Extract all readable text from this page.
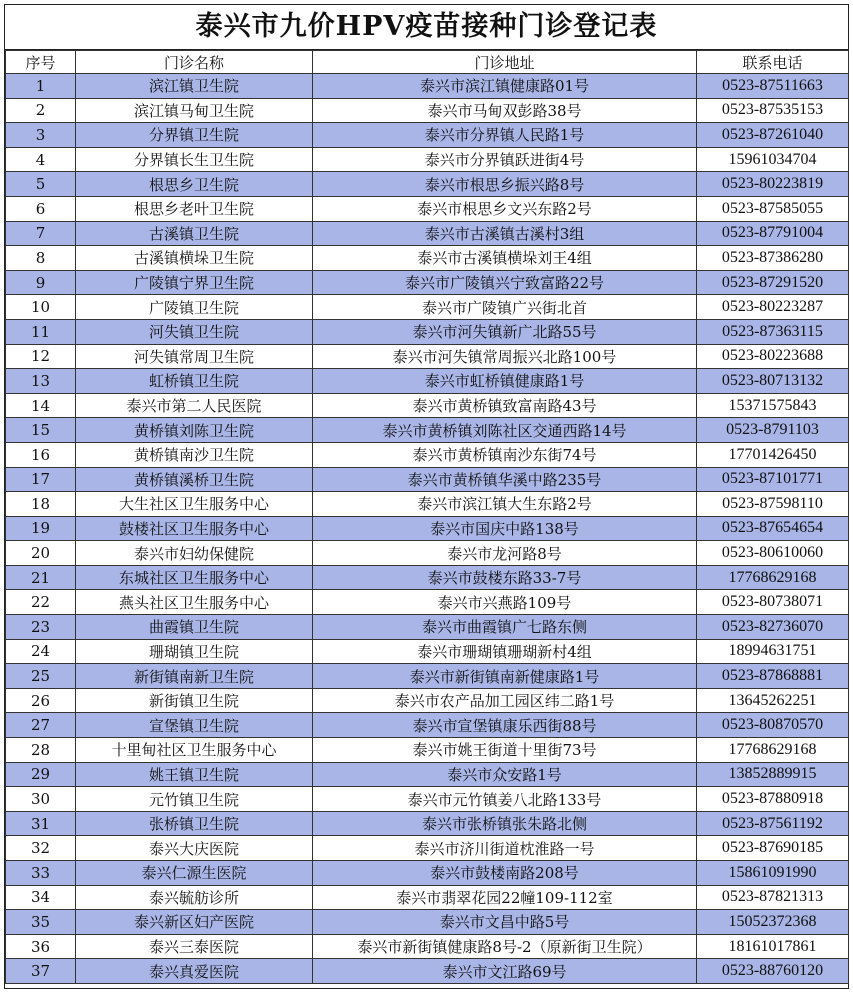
泰兴市九价HPV疫苗接种门诊登记表
序号	门诊名称	门诊地址	联系电话
1	滨江镇卫生院	泰兴市滨江镇健康路01号	0523-87511663
2	滨江镇马甸卫生院	泰兴市马甸双彭路38号	0523-87535153
3	分界镇卫生院	泰兴市分界镇人民路1号	0523-87261040
4	分界镇长生卫生院	泰兴市分界镇跃进街4号	15961034704
5	根思乡卫生院	泰兴市根思乡振兴路8号	0523-80223819
6	根思乡老叶卫生院	泰兴市根思乡文兴东路2号	0523-87585055
7	古溪镇卫生院	泰兴市古溪镇古溪村3组	0523-87791004
8	古溪镇横垛卫生院	泰兴市古溪镇横垛刘王4组	0523-87386280
9	广陵镇宁界卫生院	泰兴市广陵镇兴宁致富路22号	0523-87291520
10	广陵镇卫生院	泰兴市广陵镇广兴街北首	0523-80223287
11	河失镇卫生院	泰兴市河失镇新广北路55号	0523-87363115
12	河失镇常周卫生院	泰兴市河失镇常周振兴北路100号	0523-80223688
13	虹桥镇卫生院	泰兴市虹桥镇健康路1号	0523-80713132
14	泰兴市第二人民医院	泰兴市黄桥镇致富南路43号	15371575843
15	黄桥镇刘陈卫生院	泰兴市黄桥镇刘陈社区交通西路14号	0523-8791103
16	黄桥镇南沙卫生院	泰兴市黄桥镇南沙东街74号	17701426450
17	黄桥镇溪桥卫生院	泰兴市黄桥镇华溪中路235号	0523-87101771
18	大生社区卫生服务中心	泰兴市滨江镇大生东路2号	0523-87598110
19	鼓楼社区卫生服务中心	泰兴市国庆中路138号	0523-87654654
20	泰兴市妇幼保健院	泰兴市龙河路8号	0523-80610060
21	东城社区卫生服务中心	泰兴市鼓楼东路33-7号	17768629168
22	燕头社区卫生服务中心	泰兴市兴燕路109号	0523-80738071
23	曲霞镇卫生院	泰兴市曲霞镇广七路东侧	0523-82736070
24	珊瑚镇卫生院	泰兴市珊瑚镇珊瑚新村4组	18994631751
25	新街镇南新卫生院	泰兴市新街镇南新健康路1号	0523-87868881
26	新街镇卫生院	泰兴市农产品加工园区纬二路1号	13645262251
27	宣堡镇卫生院	泰兴市宣堡镇康乐西街88号	0523-80870570
28	十里甸社区卫生服务中心	泰兴市姚王街道十里街73号	17768629168
29	姚王镇卫生院	泰兴市众安路1号	13852889915
30	元竹镇卫生院	泰兴市元竹镇姜八北路133号	0523-87880918
31	张桥镇卫生院	泰兴市张桥镇张朱路北侧	0523-87561192
32	泰兴大庆医院	泰兴市济川街道枕淮路一号	0523-87690185
33	泰兴仁源生医院	泰兴市鼓楼南路208号	15861091990
34	泰兴毓舫诊所	泰兴市翡翠花园22幢109-112室	0523-87821313
35	泰兴新区妇产医院	泰兴市文昌中路5号	15052372368
36	泰兴三泰医院	泰兴市新街镇健康路8号-2（原新街卫生院）	18161017861
37	泰兴真爱医院	泰兴市文江路69号	0523-88760120
